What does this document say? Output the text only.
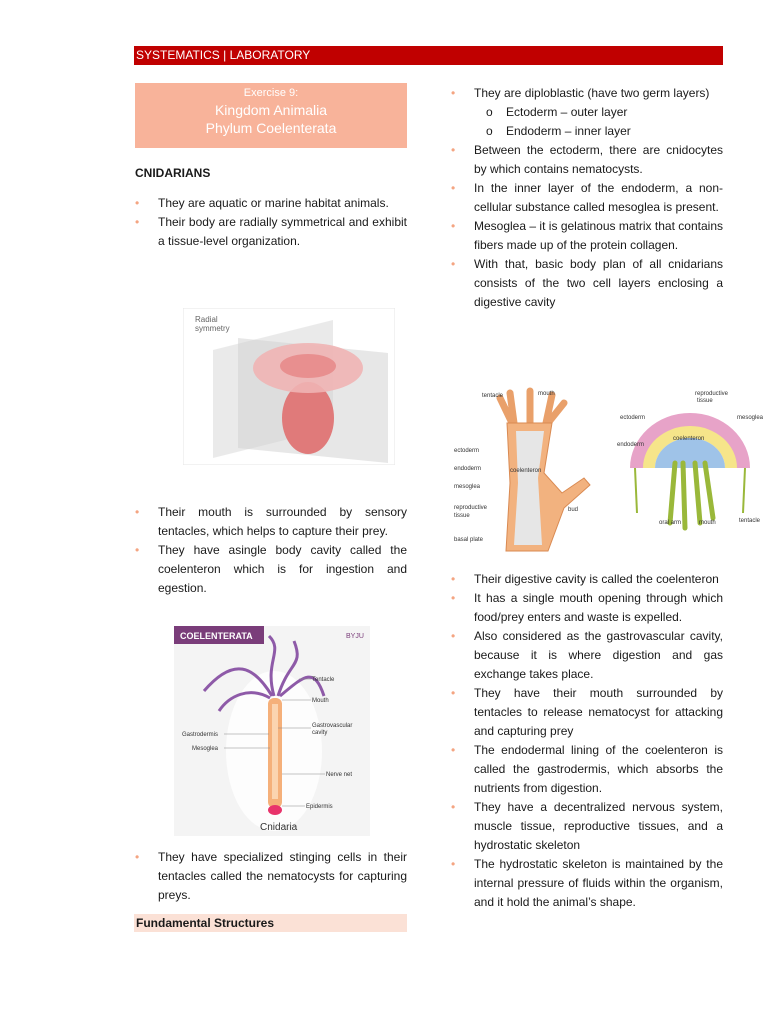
SYSTEMATICS | LABORATORY
Exercise 9:
Kingdom Animalia
Phylum Coelenterata
CNIDARIANS
• They are aquatic or marine habitat animals.
• Their body are radially symmetrical and exhibit a tissue-level organization.
Radial
symmetry
• Their mouth is surrounded by sensory tentacles, which helps to capture their prey.
• They have asingle body cavity called the coelenteron which is for ingestion and egestion.
COELENTERATA	BYJU
Tentacle
Mouth
Gastrovascular
cavity
Gastrodermis
Mesoglea
Nerve net
Epidermis
Cnidaria
• They have specialized stinging cells in their tentacles called the nematocysts for capturing preys.
Fundamental Structures
• They are diploblastic (have two germ layers)
o Ectoderm – outer layer
o Endoderm – inner layer
• Between the ectoderm, there are cnidocytes by which contains nematocysts.
• In the inner layer of the endoderm, a non-cellular substance called mesoglea is present.
• Mesoglea – it is gelatinous matrix that contains fibers made up of the protein collagen.
• With that, basic body plan of all cnidarians consists of the two cell layers enclosing a digestive cavity
tentacle	mouth
ectoderm
endoderm	coelenteron
mesoglea
reproductive
tissue
bud
basal plate
reproductive
tissue
ectoderm	mesoglea
coelenteron
endoderm
oral arm	mouth	tentacle
• Their digestive cavity is called the coelenteron
• It has a single mouth opening through which food/prey enters and waste is expelled.
• Also considered as the gastrovascular cavity, because it is where digestion and gas exchange takes place.
• They have their mouth surrounded by tentacles to release nematocyst for attacking and capturing prey
• The endodermal lining of the coelenteron is called the gastrodermis, which absorbs the nutrients from digestion.
• They have a decentralized nervous system, muscle tissue, reproductive tissues, and a hydrostatic skeleton
• The hydrostatic skeleton is maintained by the internal pressure of fluids within the organism, and it hold the animal’s shape.
